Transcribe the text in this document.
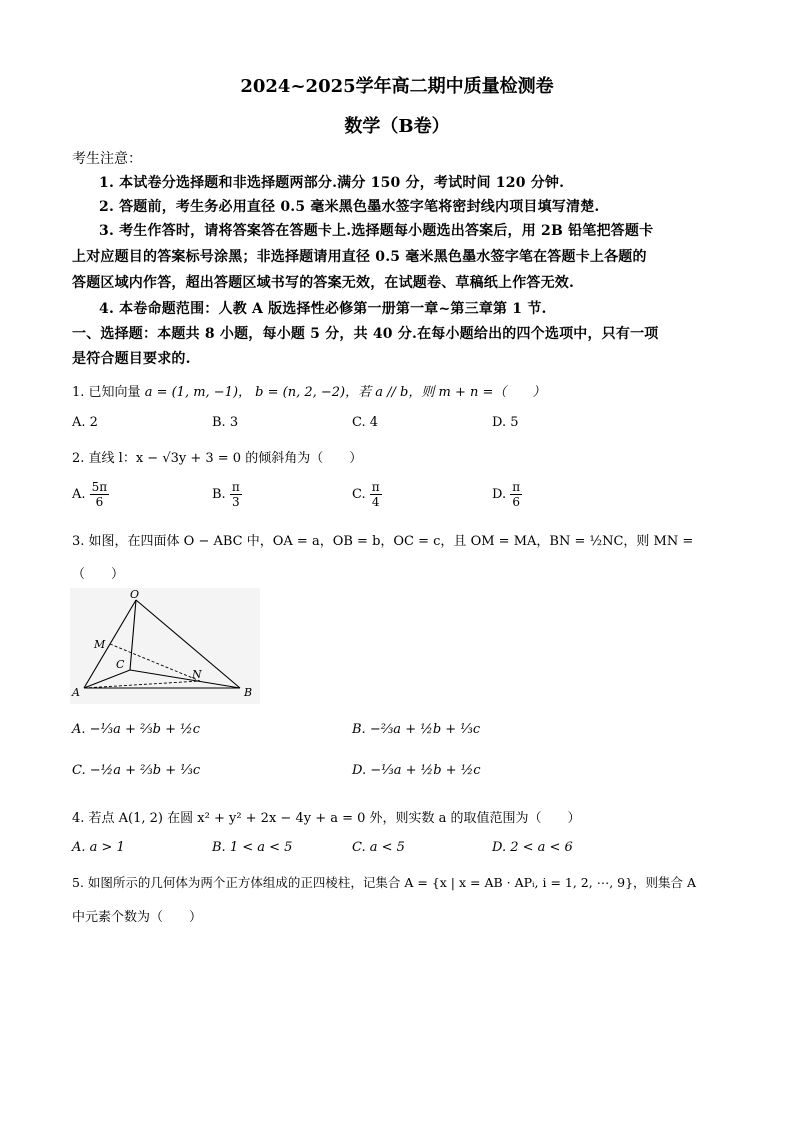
2024~2025学年高二期中质量检测卷
数学（B卷）
考生注意：
1. 本试卷分选择题和非选择题两部分.满分 150 分，考试时间 120 分钟.
2. 答题前，考生务必用直径 0.5 毫米黑色墨水签字笔将密封线内项目填写清楚.
3. 考生作答时，请将答案答在答题卡上.选择题每小题选出答案后，用 2B 铅笔把答题卡
上对应题目的答案标号涂黑；非选择题请用直径 0.5 毫米黑色墨水签字笔在答题卡上各题的
答题区域内作答，超出答题区域书写的答案无效，在试题卷、草稿纸上作答无效.
4. 本卷命题范围：人教 A 版选择性必修第一册第一章~第三章第 1 节.
一、选择题：本题共 8 小题，每小题 5 分，共 40 分.在每小题给出的四个选项中，只有一项
是符合题目要求的.
1. 已知向量 a = (1, m, −1)， b = (n, 2, −2)，若 a // b，则 m + n =（　　）
A. 2	B. 3	C. 4	D. 5
2. 直线 l：x − √3y + 3 = 0 的倾斜角为（　　）
A. $\frac{5\pi}{6}$	B. $\frac{\pi}{3}$	C. $\frac{\pi}{4}$	D. $\frac{\pi}{6}$
3. 如图，在四面体 O − ABC 中，OA = a，OB = b，OC = c，且 OM = MA，BN = ½NC，则 MN =
（　　）
O
M
C
N
A	B
A. −⅓a + ⅔b + ½c	B. −⅔a + ½b + ⅓c
C. −½a + ⅔b + ⅓c	D. −⅓a + ½b + ½c
4. 若点 A(1, 2) 在圆 x² + y² + 2x − 4y + a = 0 外，则实数 a 的取值范围为（　　）
A. a > 1	B. 1 < a < 5	C. a < 5	D. 2 < a < 6
5. 如图所示的几何体为两个正方体组成的正四棱柱，记集合 A = {x | x = AB · APᵢ, i = 1, 2, ⋯, 9}，则集合 A
中元素个数为（　　）
